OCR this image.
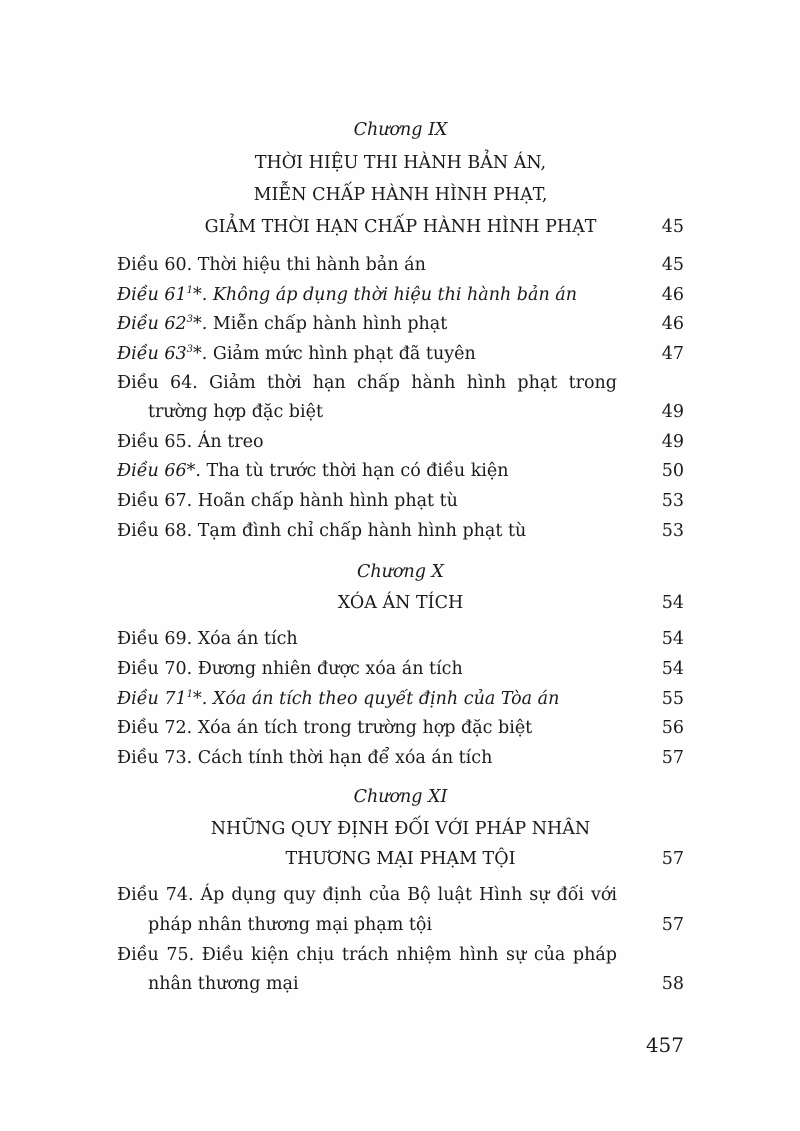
457
Chương IX
THỜI HIỆU THI HÀNH BẢN ÁN,
MIỄN CHẤP HÀNH HÌNH PHẠT,
GIẢM THỜI HẠN CHẤP HÀNH HÌNH PHẠT	45
Điều 60. Thời hiệu thi hành bản án	45
Điều $61^1*$. Không áp dụng thời hiệu thi hành bản án	46
Điều $62^3*$. Miễn chấp hành hình phạt	46
Điều $63^3*$. Giảm mức hình phạt đã tuyên	47
Điều 64. Giảm thời hạn chấp hành hình phạt trong
trường hợp đặc biệt	49
Điều 65. Án treo	49
Điều 66*. Tha tù trước thời hạn có điều kiện	50
Điều 67. Hoãn chấp hành hình phạt tù	53
Điều 68. Tạm đình chỉ chấp hành hình phạt tù	53
Chương X
XÓA ÁN TÍCH	54
Điều 69. Xóa án tích	54
Điều 70. Đương nhiên được xóa án tích	54
Điều $71^1*$. Xóa án tích theo quyết định của Tòa án	55
Điều 72. Xóa án tích trong trường hợp đặc biệt	56
Điều 73. Cách tính thời hạn để xóa án tích	57
Chương XI
NHỮNG QUY ĐỊNH ĐỐI VỚI PHÁP NHÂN
THƯƠNG MẠI PHẠM TỘI	57
Điều 74. Áp dụng quy định của Bộ luật Hình sự đối với
pháp nhân thương mại phạm tội	57
Điều 75. Điều kiện chịu trách nhiệm hình sự của pháp
nhân thương mại	58
